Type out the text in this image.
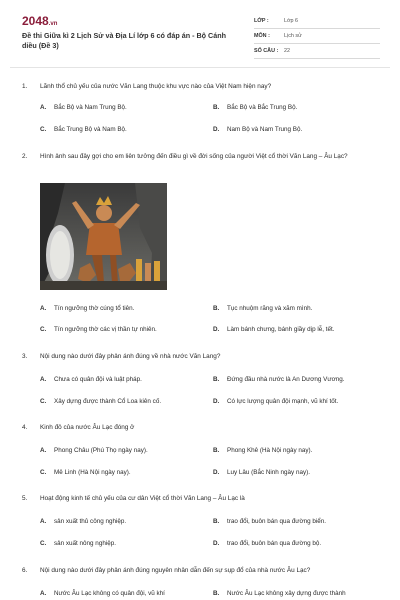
2048.vn
Đề thi Giữa kì 2 Lịch Sử và Địa Lí lớp 6 có đáp án - Bộ Cánh diều (Đề 3)
LỚP :	Lớp 6
MÔN :	Lịch sử
SỐ CÂU :	22
1. Lãnh thổ chủ yếu của nước Văn Lang thuộc khu vực nào của Việt Nam hiện nay?
A. Bắc Bộ và Nam Trung Bộ.	B. Bắc Bộ và Bắc Trung Bộ.
C. Bắc Trung Bộ và Nam Bộ.	D. Nam Bộ và Nam Trung Bộ.
2. Hình ảnh sau đây gợi cho em liên tưởng đến điều gì về đời sống của người Việt cổ thời Văn Lang – Âu Lạc?
A. Tín ngưỡng thờ cúng tổ tiên.	B. Tục nhuộm răng và xăm mình.
C. Tín ngưỡng thờ các vị thần tự nhiên.	D. Làm bánh chưng, bánh giầy dịp lễ, tết.
3. Nội dung nào dưới đây phản ánh đúng về nhà nước Văn Lang?
A. Chưa có quân đội và luật pháp.	B. Đứng đầu nhà nước là An Dương Vương.
C. Xây dựng được thành Cổ Loa kiên cố.	D. Có lực lượng quân đội mạnh, vũ khí tốt.
4. Kinh đô của nước Âu Lạc đóng ở
A. Phong Châu (Phú Thọ ngày nay).	B. Phong Khê (Hà Nội ngày nay).
C. Mê Linh (Hà Nội ngày nay).	D. Luy Lâu (Bắc Ninh ngày nay).
5. Hoạt động kinh tế chủ yếu của cư dân Việt cổ thời Văn Lang – Âu Lạc là
A. sản xuất thủ công nghiệp.	B. trao đổi, buôn bán qua đường biển.
C. sản xuất nông nghiệp.	D. trao đổi, buôn bán qua đường bộ.
6. Nội dung nào dưới đây phản ánh đúng nguyên nhân dẫn đến sự sụp đổ của nhà nước Âu Lạc?
A. Nước Âu Lạc không có quân đội, vũ khí	B. Nước Âu Lạc không xây dựng được thành
